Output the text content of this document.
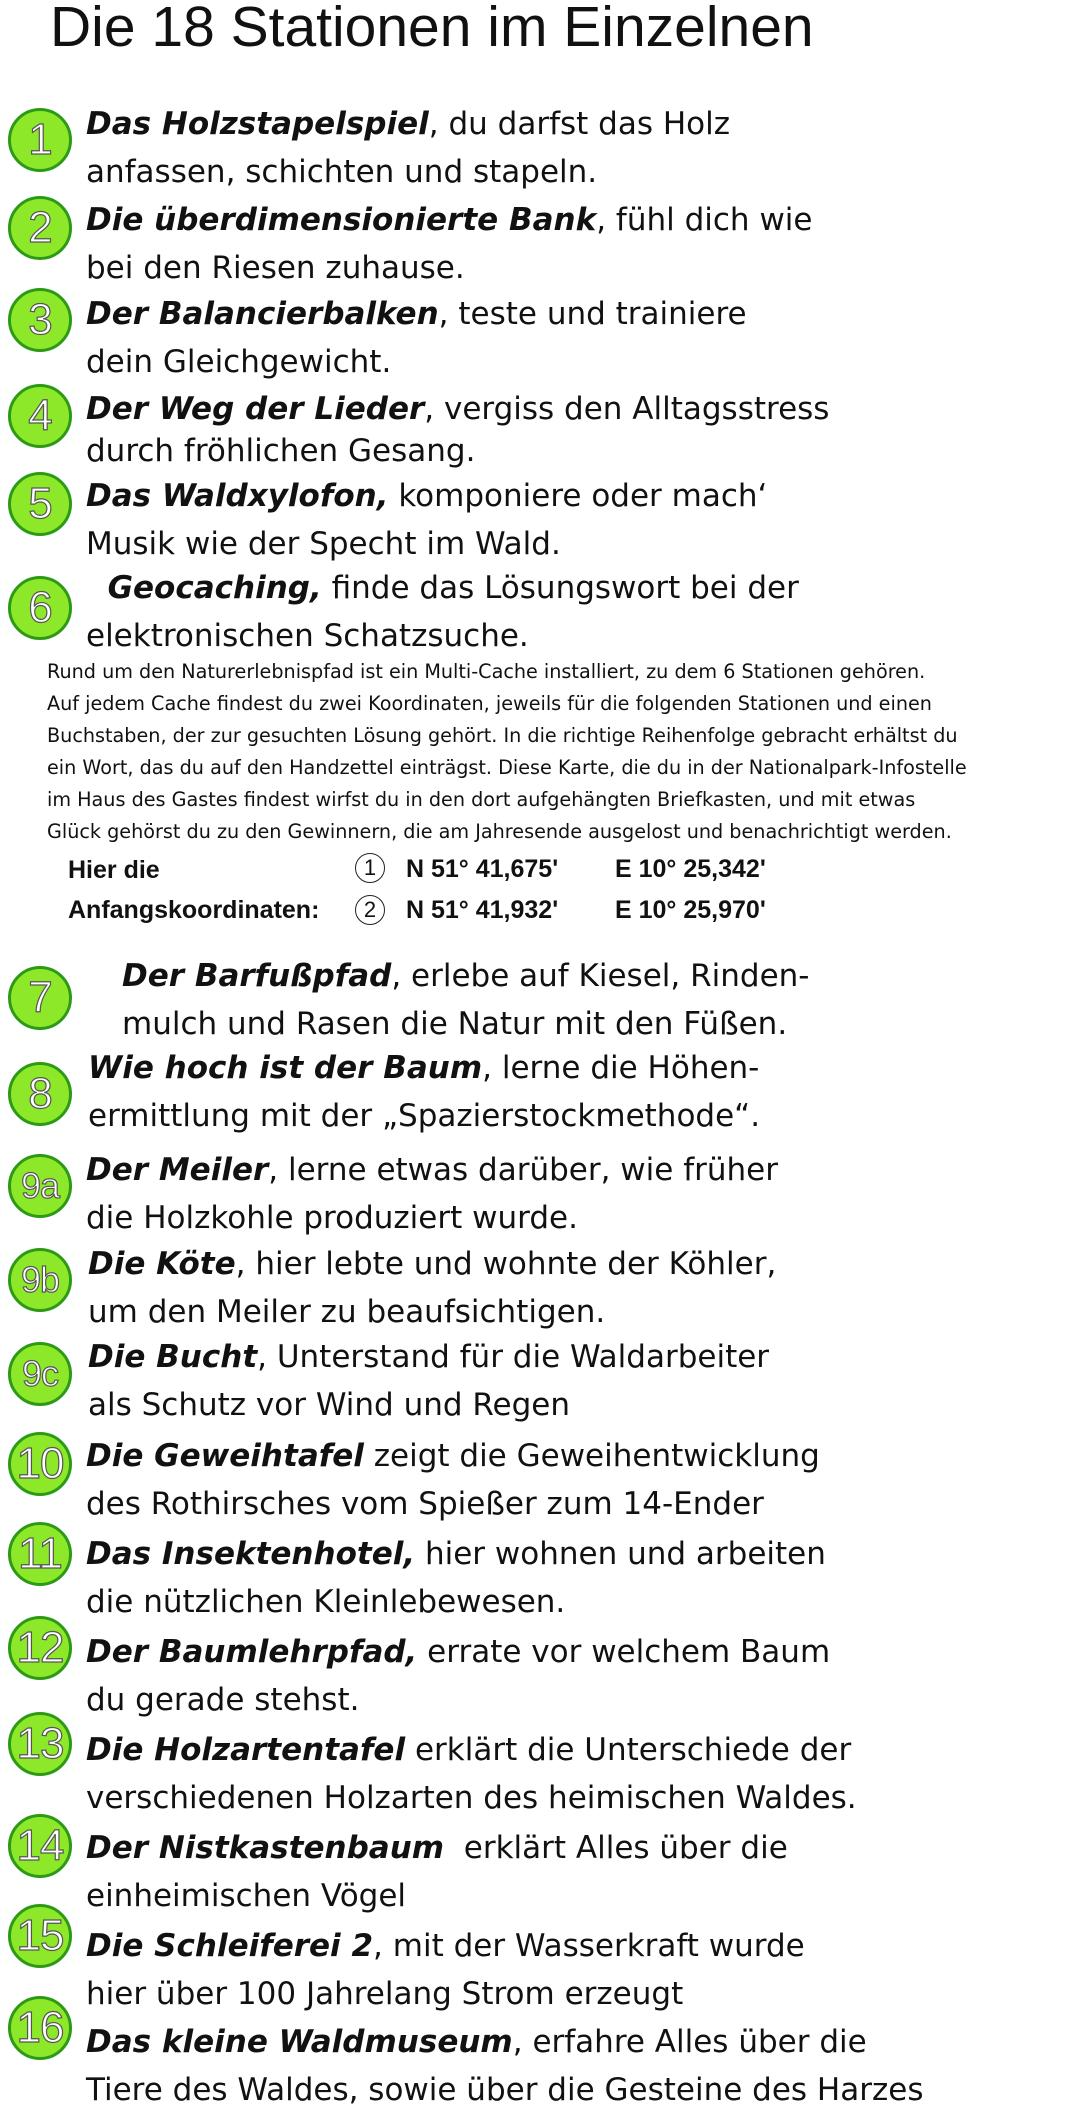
Die 18 Stationen im Einzelnen
1	Das Holzstapelspiel, du darfst das Holz
anfassen, schichten und stapeln.
2	Die überdimensionierte Bank, fühl dich wie
bei den Riesen zuhause.
3	Der Balancierbalken, teste und trainiere
dein Gleichgewicht.
4	Der Weg der Lieder, vergiss den Alltagsstress
durch fröhlichen Gesang.
5	Das Waldxylofon, komponiere oder mach‘
Musik wie der Specht im Wald.
6	Geocaching, finde das Lösungswort bei der
elektronischen Schatzsuche.
Rund um den Naturerlebnispfad ist ein Multi-Cache installiert, zu dem 6 Stationen gehören.
Auf jedem Cache findest du zwei Koordinaten, jeweils für die folgenden Stationen und einen
Buchstaben, der zur gesuchten Lösung gehört. In die richtige Reihenfolge gebracht erhältst du
ein Wort, das du auf den Handzettel einträgst. Diese Karte, die du in der Nationalpark-Infostelle
im Haus des Gastes findest wirfst du in den dort aufgehängten Briefkasten, und mit etwas
Glück gehörst du zu den Gewinnern, die am Jahresende ausgelost und benachrichtigt werden.
Hier die
Anfangskoordinaten:
1	N 51° 41,675' E 10° 25,342'
2	N 51° 41,932' E 10° 25,970'
7	Der Barfußpfad, erlebe auf Kiesel, Rinden-
mulch und Rasen die Natur mit den Füßen.
8
Wie hoch ist der Baum, lerne die Höhen-
ermittlung mit der „Spazierstockmethode“.
9a Der Meiler, lerne etwas darüber, wie früher
die Holzkohle produziert wurde.
9b Die Köte, hier lebte und wohnte der Köhler,
um den Meiler zu beaufsichtigen.
9c Die Bucht, Unterstand für die Waldarbeiter
als Schutz vor Wind und Regen
10 Die Geweihtafel zeigt die Geweihentwicklung
des Rothirsches vom Spießer zum 14-Ender
11 Das Insektenhotel, hier wohnen und arbeiten
die nützlichen Kleinlebewesen.
12 Der Baumlehrpfad, errate vor welchem Baum
du gerade stehst.
13 Die Holzartentafel erklärt die Unterschiede der
verschiedenen Holzarten des heimischen Waldes.
14 Der Nistkastenbaum  erklärt Alles über die
einheimischen Vögel
15 Die Schleiferei 2, mit der Wasserkraft wurde
hier über 100 Jahrelang Strom erzeugt
16 Das kleine Waldmuseum, erfahre Alles über die
Tiere des Waldes, sowie über die Gesteine des Harzes
